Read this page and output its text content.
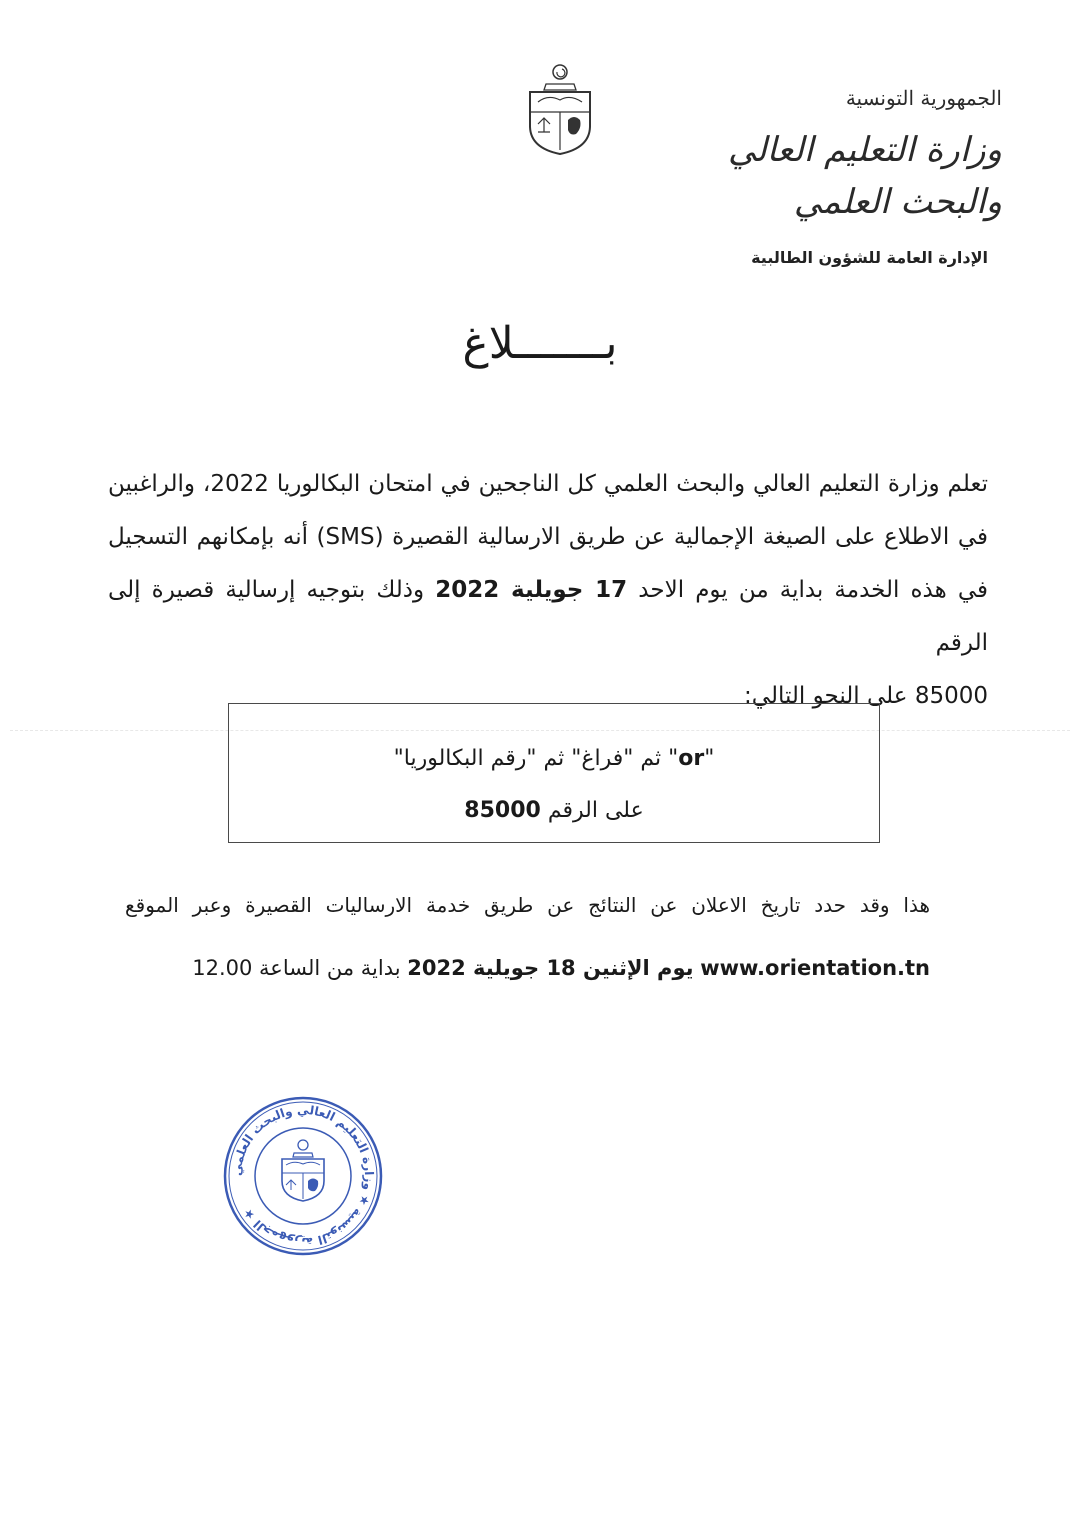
الجمهورية التونسية
وزارة التعليم العالي
والبحث العلمي
الإدارة العامة للشؤون الطالبية
بـــــــلاغ
تعلم وزارة التعليم العالي والبحث العلمي كل الناجحين في امتحان البكالوريا 2022، والراغبين
في الاطلاع على الصيغة الإجمالية عن طريق الارسالية القصيرة (SMS) أنه بإمكانهم التسجيل
في هذه الخدمة بداية من يوم الاحد 17 جويلية 2022 وذلك بتوجيه إرسالية قصيرة إلى الرقم
85000 على النحو التالي:
"or" ثم "فراغ" ثم "رقم البكالوريا"
على الرقم 85000
هذا وقد حدد تاريخ الاعلان عن النتائج عن طريق خدمة الارساليات القصيرة وعبر الموقع
www.orientation.tn يوم الإثنين 18 جويلية 2022 بداية من الساعة 12.00
الجمهورية التونسية ★ وزارة التعليم العالي والبحث العلمي ★
